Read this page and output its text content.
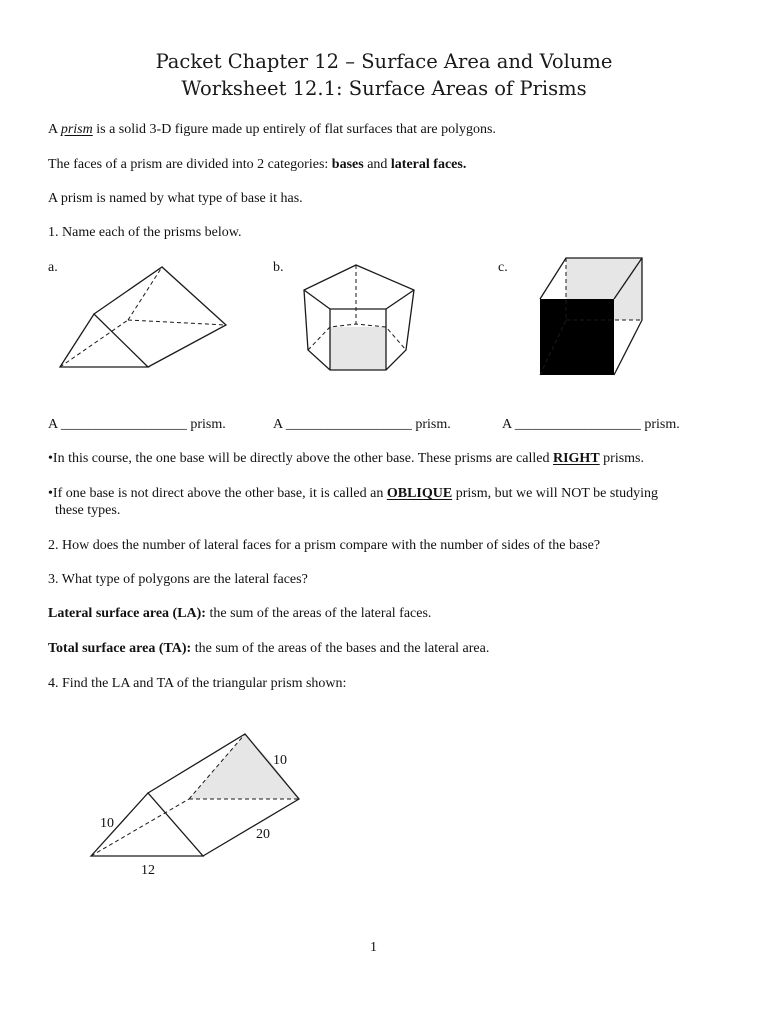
Packet Chapter 12 – Surface Area and Volume
Worksheet 12.1: Surface Areas of Prisms
A prism is a solid 3-D figure made up entirely of flat surfaces that are polygons.
The faces of a prism are divided into 2 categories: bases and lateral faces.
A prism is named by what type of base it has.
1. Name each of the prisms below.
a.	b.	c.
A __________________ prism.	A __________________ prism.	A __________________ prism.
•In this course, the one base will be directly above the other base. These prisms are called RIGHT prisms.
•If one base is not direct above the other base, it is called an OBLIQUE prism, but we will NOT be studying
these types.
2. How does the number of lateral faces for a prism compare with the number of sides of the base?
3. What type of polygons are the lateral faces?
Lateral surface area (LA): the sum of the areas of the lateral faces.
Total surface area (TA): the sum of the areas of the bases and the lateral area.
4. Find the LA and TA of the triangular prism shown:
10
10
20
12
1
